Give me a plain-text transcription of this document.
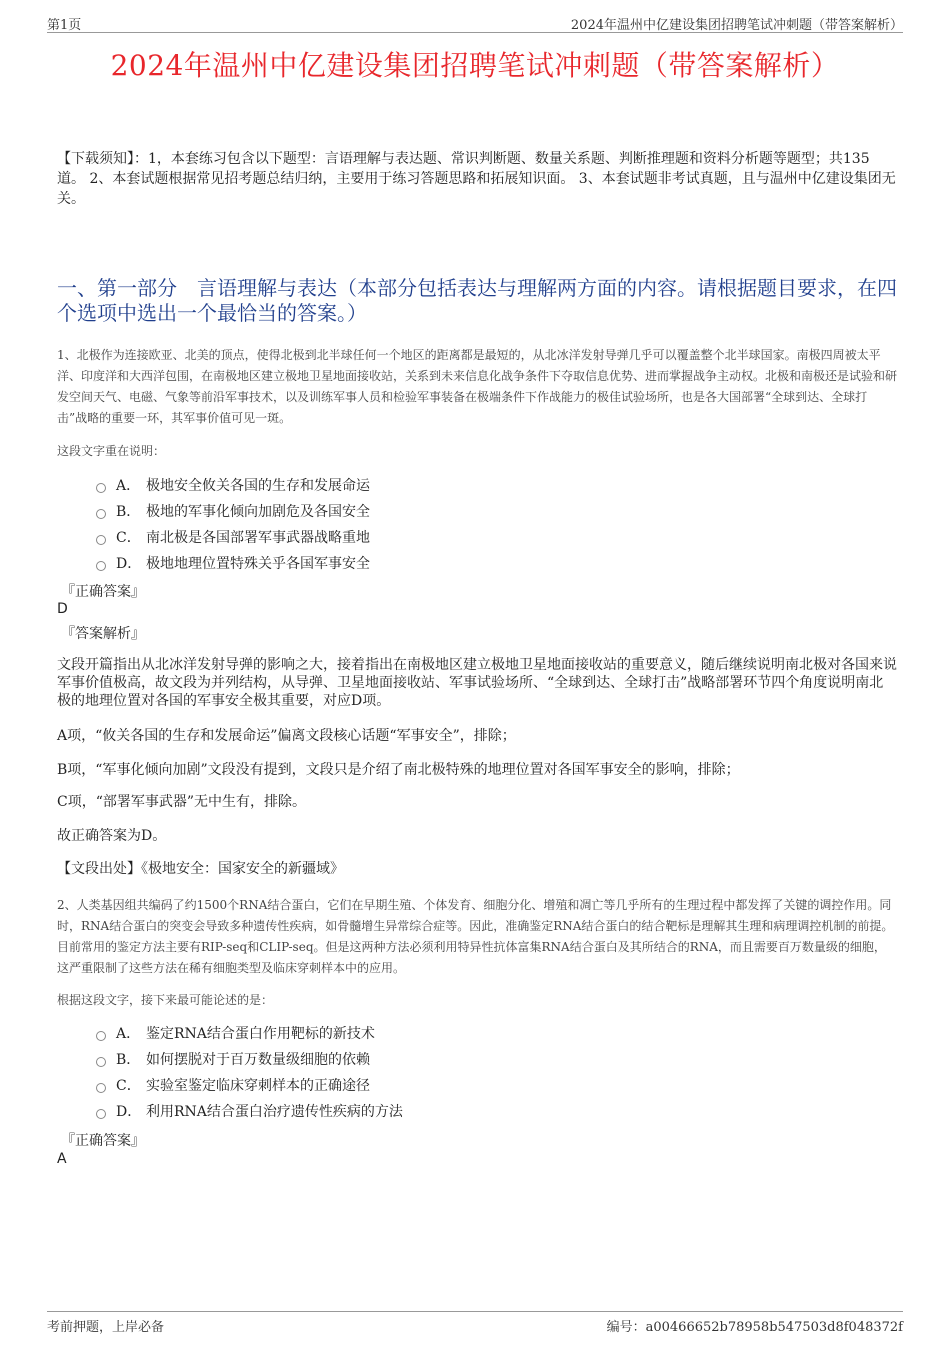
第1页	2024年温州中亿建设集团招聘笔试冲刺题（带答案解析）
2024年温州中亿建设集团招聘笔试冲刺题（带答案解析）
【下载须知】：1，本套练习包含以下题型：言语理解与表达题、常识判断题、数量关系题、判断推理题和资料分析题等题型；共135道。 2、本套试题根据常见招考题总结归纳，主要用于练习答题思路和拓展知识面。 3、本套试题非考试真题，且与温州中亿建设集团无关。
一、第一部分　言语理解与表达（本部分包括表达与理解两方面的内容。请根据题目要求，在四个选项中选出一个最恰当的答案。）
1、北极作为连接欧亚、北美的顶点，使得北极到北半球任何一个地区的距离都是最短的，从北冰洋发射导弹几乎可以覆盖整个北半球国家。南极四周被太平洋、印度洋和大西洋包围，在南极地区建立极地卫星地面接收站，关系到未来信息化战争条件下夺取信息优势、进而掌握战争主动权。北极和南极还是试验和研发空间天气、电磁、气象等前沿军事技术，以及训练军事人员和检验军事装备在极端条件下作战能力的极佳试验场所，也是各大国部署“全球到达、全球打击”战略的重要一环，其军事价值可见一斑。
这段文字重在说明：
A． 极地安全攸关各国的生存和发展命运
B． 极地的军事化倾向加剧危及各国安全
C． 南北极是各国部署军事武器战略重地
D． 极地地理位置特殊关乎各国军事安全
『正确答案』
D
『答案解析』
文段开篇指出从北冰洋发射导弹的影响之大，接着指出在南极地区建立极地卫星地面接收站的重要意义，随后继续说明南北极对各国来说军事价值极高，故文段为并列结构，从导弹、卫星地面接收站、军事试验场所、“全球到达、全球打击”战略部署环节四个角度说明南北极的地理位置对各国的军事安全极其重要，对应D项。
A项，“攸关各国的生存和发展命运”偏离文段核心话题“军事安全”，排除；
B项，“军事化倾向加剧”文段没有提到，文段只是介绍了南北极特殊的地理位置对各国军事安全的影响，排除；
C项，“部署军事武器”无中生有，排除。
故正确答案为D。
【文段出处】《极地安全：国家安全的新疆域》
2、人类基因组共编码了约1500个RNA结合蛋白，它们在早期生殖、个体发育、细胞分化、增殖和凋亡等几乎所有的生理过程中都发挥了关键的调控作用。同时，RNA结合蛋白的突变会导致多种遗传性疾病，如骨髓增生异常综合症等。因此，准确鉴定RNA结合蛋白的结合靶标是理解其生理和病理调控机制的前提。目前常用的鉴定方法主要有RIP-seq和CLIP-seq。但是这两种方法必须利用特异性抗体富集RNA结合蛋白及其所结合的RNA，而且需要百万数量级的细胞，这严重限制了这些方法在稀有细胞类型及临床穿刺样本中的应用。
根据这段文字，接下来最可能论述的是：
A． 鉴定RNA结合蛋白作用靶标的新技术
B． 如何摆脱对于百万数量级细胞的依赖
C． 实验室鉴定临床穿刺样本的正确途径
D． 利用RNA结合蛋白治疗遗传性疾病的方法
『正确答案』
A
考前押题，上岸必备	编号：a00466652b78958b547503d8f048372f
